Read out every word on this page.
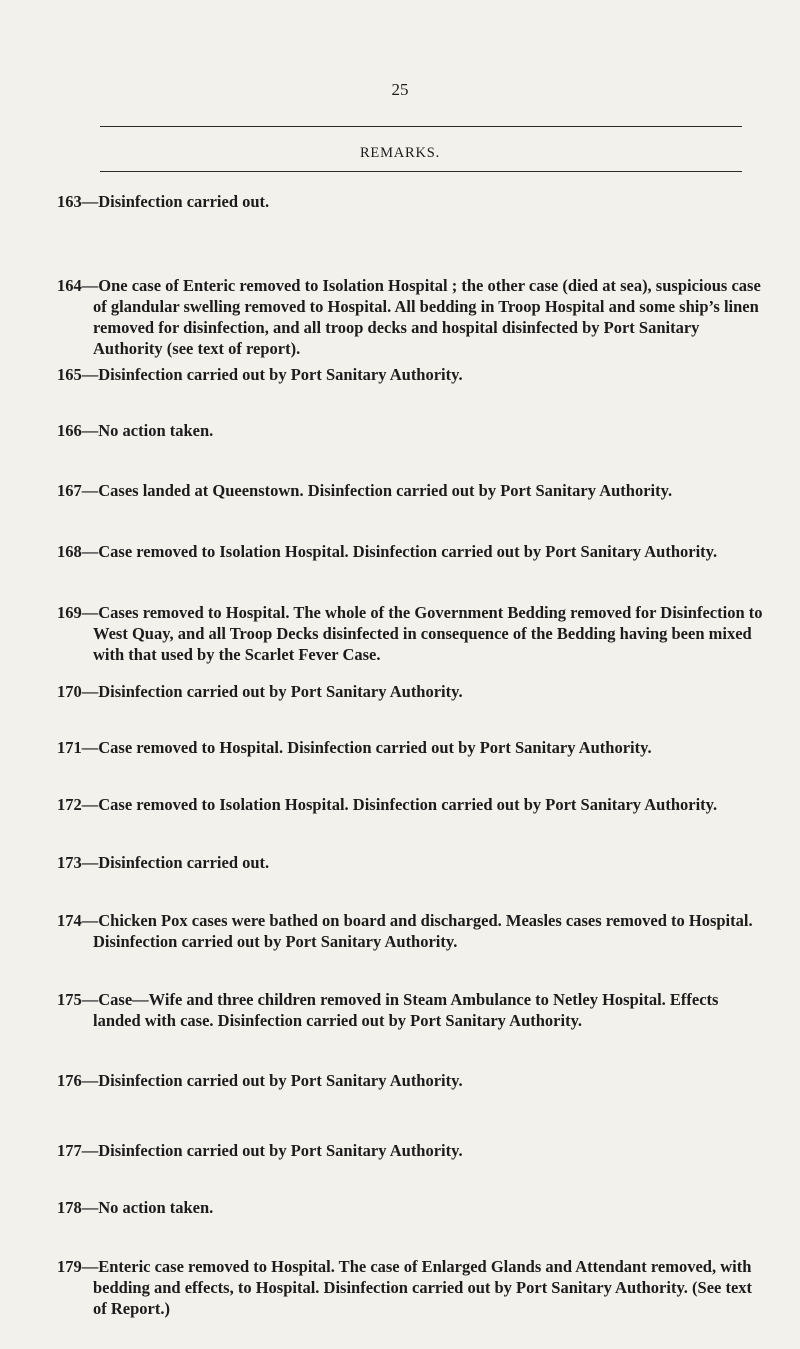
25
REMARKS.
163—Disinfection carried out.
164—One case of Enteric removed to Isolation Hospital ; the other case (died at sea), suspicious case of glandular swelling removed to Hospital. All bedding in Troop Hospital and some ship’s linen removed for disinfection, and all troop decks and hospital disinfected by Port Sanitary Authority (see text of report).
165—Disinfection carried out by Port Sanitary Authority.
166—No action taken.
167—Cases landed at Queenstown. Disinfection carried out by Port Sanitary Authority.
168—Case removed to Isolation Hospital. Disinfection carried out by Port Sanitary Authority.
169—Cases removed to Hospital. The whole of the Government Bedding removed for Disinfection to West Quay, and all Troop Decks disinfected in consequence of the Bedding having been mixed with that used by the Scarlet Fever Case.
170—Disinfection carried out by Port Sanitary Authority.
171—Case removed to Hospital. Disinfection carried out by Port Sanitary Authority.
172—Case removed to Isolation Hospital. Disinfection carried out by Port Sanitary Authority.
173—Disinfection carried out.
174—Chicken Pox cases were bathed on board and discharged. Measles cases removed to Hospital. Disinfection carried out by Port Sanitary Authority.
175—Case—Wife and three children removed in Steam Ambulance to Netley Hospital. Effects landed with case. Disinfection carried out by Port Sanitary Authority.
176—Disinfection carried out by Port Sanitary Authority.
177—Disinfection carried out by Port Sanitary Authority.
178—No action taken.
179—Enteric case removed to Hospital. The case of Enlarged Glands and Attendant removed, with bedding and effects, to Hospital. Disinfection carried out by Port Sanitary Authority. (See text of Report.)
